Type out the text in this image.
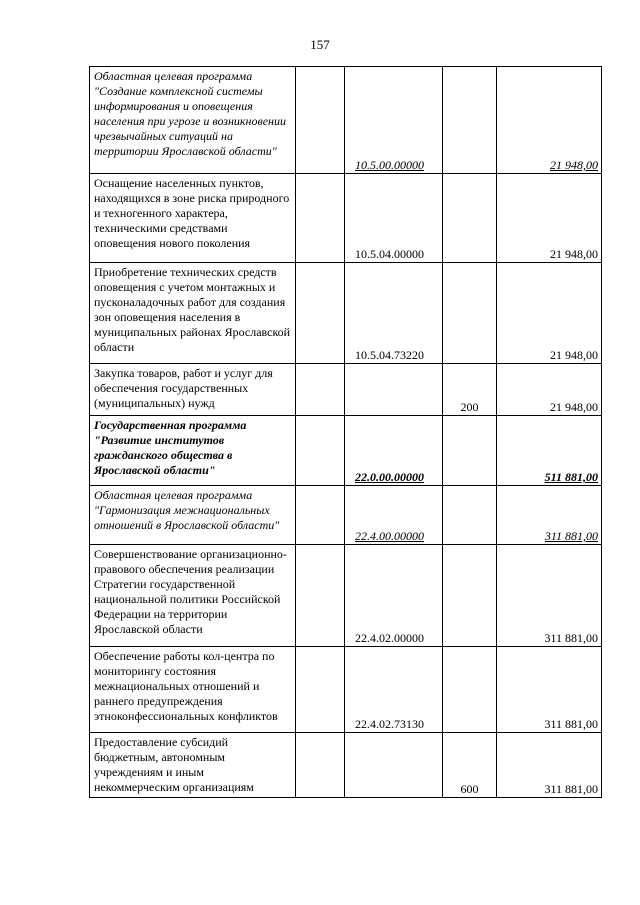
157
Областная целевая программа "Создание комплексной системы информирования и оповещения населения при угрозе и возникновении чрезвычайных ситуаций на территории Ярославской области"		10.5.00.00000		21 948,00
Оснащение населенных пунктов, находящихся в зоне риска природного и техногенного характера, техническими средствами оповещения нового поколения		10.5.04.00000		21 948,00
Приобретение технических средств оповещения с учетом монтажных и пусконаладочных работ для создания зон оповещения населения в муниципальных районах Ярославской области		10.5.04.73220		21 948,00
Закупка товаров, работ и услуг для обеспечения государственных (муниципальных) нужд			200	21 948,00
Государственная программа "Развитие институтов гражданского общества в Ярославской области"		22.0.00.00000		511 881,00
Областная целевая программа "Гармонизация межнациональных отношений в Ярославской области"		22.4.00.00000		311 881,00
Совершенствование организационно-правового обеспечения реализации Стратегии государственной национальной политики Российской Федерации на территории Ярославской области		22.4.02.00000		311 881,00
Обеспечение работы кол-центра по мониторингу состояния межнациональных отношений и раннего предупреждения этноконфессиональных конфликтов		22.4.02.73130		311 881,00
Предоставление субсидий бюджетным, автономным учреждениям и иным некоммерческим организациям			600	311 881,00
